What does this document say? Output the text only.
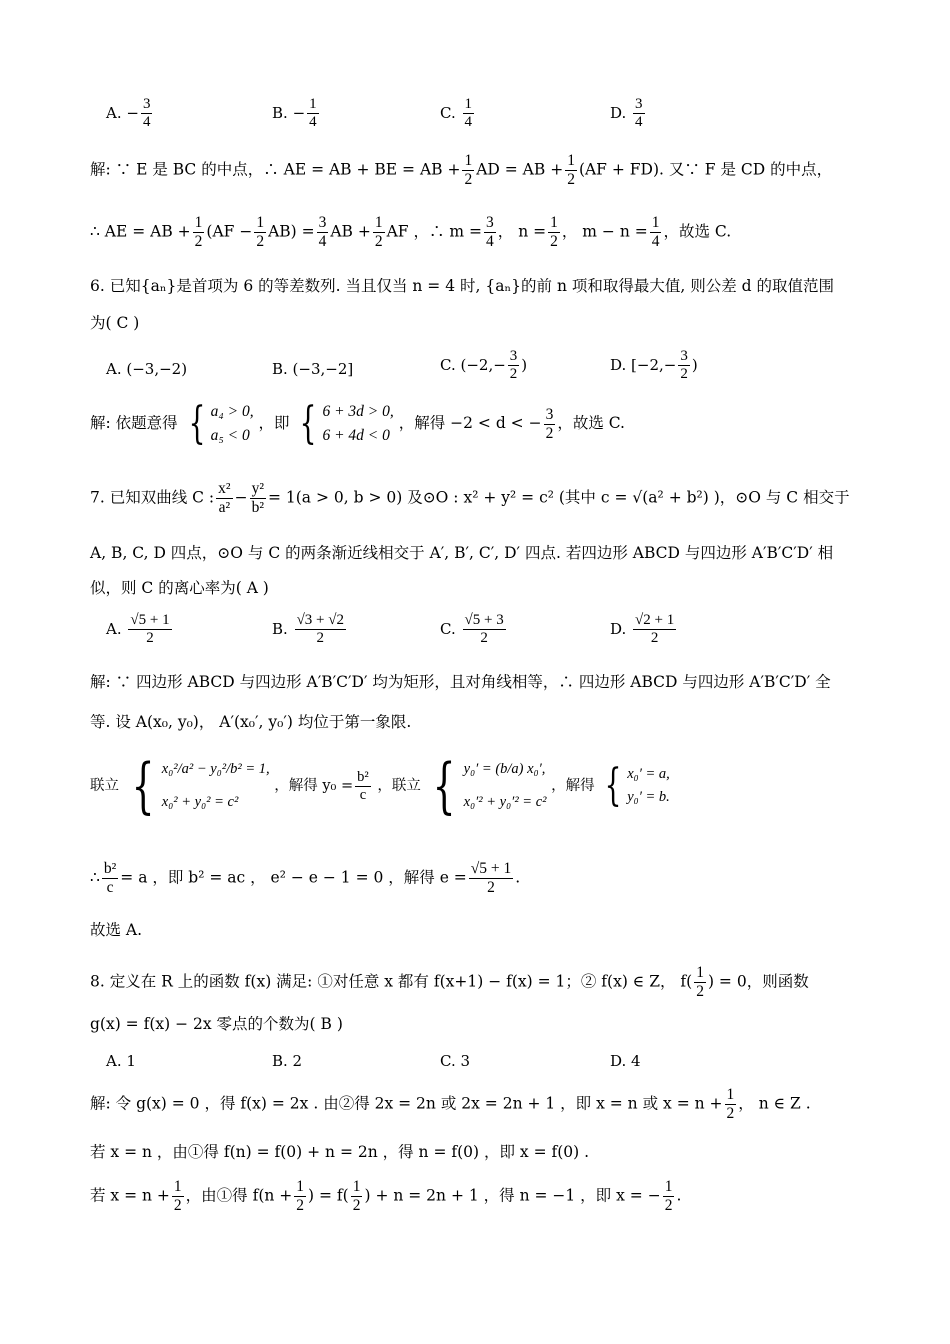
A. − $\frac{3}{4}$	B. − $\frac{1}{4}$	C. $\frac{1}{4}$	D. $\frac{3}{4}$
解: ∵ E 是 BC 的中点，∴ AE = AB + BE = AB + $\frac{1}{2}$ AD = AB + $\frac{1}{2} (AF + FD)$. 又∵ F 是 CD 的中点，
∴ AE = AB + $\frac{1}{2} (AF - \frac{1}{2} AB) = \frac{3}{4}$ AB + $\frac{1}{2}$ AF ，∴ $m = \frac{3}{4}$ ， $n = \frac{1}{2}$ ， $m - n = \frac{1}{4}$ ，故选 C.
6. 已知{aₙ}是首项为 6 的等差数列. 当且仅当 n = 4 时, {aₙ}的前 n 项和取得最大值, 则公差 d 的取值范围
为( C )
A. (−3,−2)	B. (−3,−2]	C. ($-2,- \frac{3}{2}$ )	D. [$-2,- \frac{3}{2}$ )
解: 依题意得 { a₄ > 0,
a₅ < 0
，即 { 6 + 3d > 0,
6 + 4d < 0
，解得 −2 < d < − $\frac{3}{2}$ ，故选 C.
7. 已知双曲线 C : $\frac{\text{x²}}{\text{a²}} - \frac{\text{y²}}{\text{b²}} = 1(a > 0$, b > 0) 及⊙O : x² + y² = c² (其中 c = √(a² + b²) )，⊙O 与 C 相交于
A, B, C, D 四点，⊙O 与 C 的两条渐近线相交于 A′, B′, C′, D′ 四点. 若四边形 ABCD 与四边形 A′B′C′D′ 相
似，则 C 的离心率为( A )
A. $\frac{√5 + 1}{2}$	B. $\frac{√3 + √2}{2}$	C. $\frac{√5 + 3}{2}$	D. $\frac{√2 + 1}{2}$
解: ∵ 四边形 ABCD 与四边形 A′B′C′D′ 均为矩形，且对角线相等，∴ 四边形 ABCD 与四边形 A′B′C′D′ 全
等. 设 A(x₀, y₀)， A′(x₀′, y₀′) 均位于第一象限.
联立 { x₀²/a² − y₀²/b² = 1,
x₀² + y₀² = c²
，解得 $y_0 = \frac{\text{b²}}{c}$ ，联立 { y₀′ = (b/a) x₀′,
x₀′² + y₀′² = c²
，解得 { x₀′ = a,
y₀′ = b.
∴ $\frac{\text{b²}}{c} = a$ ，即 b² = ac ， e² − e − 1 = 0 ，解得 $e = \frac{√5 + 1}{2}$ .
故选 A.
8. 定义在 R 上的函数 f(x) 满足: ①对任意 x 都有 f(x+1) − f(x) = 1；② f(x) ∈ Z， $f( \frac{1}{2}$ ) = 0，则函数
g(x) = f(x) − 2x 零点的个数为( B )
A. 1	B. 2	C. 3	D. 4
解: 令 g(x) = 0 ，得 f(x) = 2x . 由②得 2x = 2n 或 2x = 2n + 1 ，即 x = n 或 $x = n + \frac{1}{2}$ ， n ∈ Z .
若 x = n ，由①得 f(n) = f(0) + n = 2n ，得 n = f(0) ，即 x = f(0) .
若 $x = n + \frac{1}{2}$ ，由①得 $f(n + \frac{1}{2}$ ) = $f( \frac{1}{2}$ ) + n = 2n + 1 ，得 n = −1 ，即 x = − $\frac{1}{2}$ .
